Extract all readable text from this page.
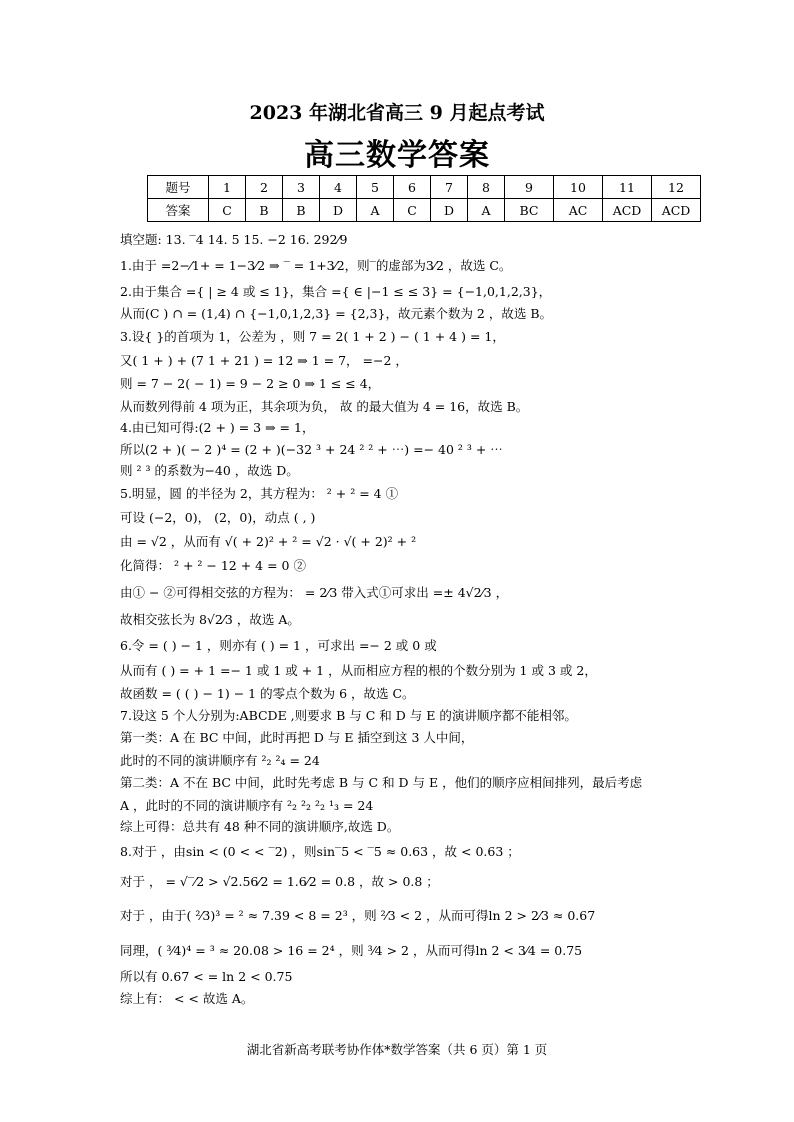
2023 年湖北省高三 9 月起点考试
高三数学答案
题号	1	2	3	4	5	6	7	8	9	10	11	12
答案	C	B	B	D	A	C	D	A	BC	AC	ACD	ACD
填空题: 13. ‾4 14. 5 15. −2 16. 292⁄9
1.由于 =2−⁄1+ = 1−3⁄2 ⇒ ‾ = 1+3⁄2，则‾的虚部为3⁄2 ，故选 C。
2.由于集合 ={ | ≥ 4 或 ≤ 1}，集合 ={ ∈ |−1 ≤ ≤ 3} = {−1,0,1,2,3}，
从而(C ) ∩ = (1,4) ∩ {−1,0,1,2,3} = {2,3}，故元素个数为 2 ，故选 B。
3.设{ }的首项为 1，公差为 ，则 7 = 2( 1 + 2 ) − ( 1 + 4 ) = 1，
又( 1 + ) + (7 1 + 21 ) = 12 ⇒ 1 = 7， =−2 ，
则 = 7 − 2( − 1) = 9 − 2 ≥ 0 ⇒ 1 ≤ ≤ 4，
从而数列得前 4 项为正，其余项为负， 故 的最大值为 4 = 16，故选 B。
4.由已知可得:(2 + ) = 3 ⇒ = 1，
所以(2 + )( − 2 )⁴ = (2 + )(−32 ³ + 24 ² ² + ⋯) =− 40 ² ³ + ⋯
则 ² ³ 的系数为−40 ，故选 D。
5.明显，圆 的半径为 2，其方程为： ² + ² = 4 ①
可设 (−2，0)， (2，0)，动点 ( , )
由 = √2 ，从而有 √( + 2)² + ² = √2 · √( + 2)² + ²
化简得： ² + ² − 12 + 4 = 0 ②
由① − ②可得相交弦的方程为： = 2⁄3 带入式①可求出 =± 4√2⁄3 ，
故相交弦长为 8√2⁄3 ，故选 A。
6.令 = ( ) − 1 ，则亦有 ( ) = 1 ，可求出 =− 2 或 0 或
从而有 ( ) = + 1 =− 1 或 1 或 + 1 ，从而相应方程的根的个数分别为 1 或 3 或 2，
故函数 = ( ( ) − 1) − 1 的零点个数为 6 ，故选 C。
7.设这 5 个人分别为:ABCDE ,则要求 B 与 C 和 D 与 E 的演讲顺序都不能相邻。
第一类：A 在 BC 中间，此时再把 D 与 E 插空到这 3 人中间，
此时的不同的演讲顺序有 ²₂ ²₄ = 24
第二类：A 不在 BC 中间，此时先考虑 B 与 C 和 D 与 E ，他们的顺序应相间排列，最后考虑
A ，此时的不同的演讲顺序有 ²₂ ²₂ ²₂ ¹₃ = 24
综上可得：总共有 48 种不同的演讲顺序,故选 D。
8.对于 ，由sin < (0 < < ‾2) ，则sin‾5 < ‾5 ≈ 0.63 ，故 < 0.63 ；
对于 ， = √‾⁄2 > √2.56⁄2 = 1.6⁄2 = 0.8 ，故 > 0.8 ；
对于 ，由于( ²⁄3)³ = ² ≈ 7.39 < 8 = 2³ ，则 ²⁄3 < 2 ，从而可得ln 2 > 2⁄3 ≈ 0.67
同理，( ³⁄4)⁴ = ³ ≈ 20.08 > 16 = 2⁴ ，则 ³⁄4 > 2 ，从而可得ln 2 < 3⁄4 = 0.75
所以有 0.67 < = ln 2 < 0.75
综上有： < < 故选 A。
湖北省新高考联考协作体*数学答案（共 6 页）第 1 页
